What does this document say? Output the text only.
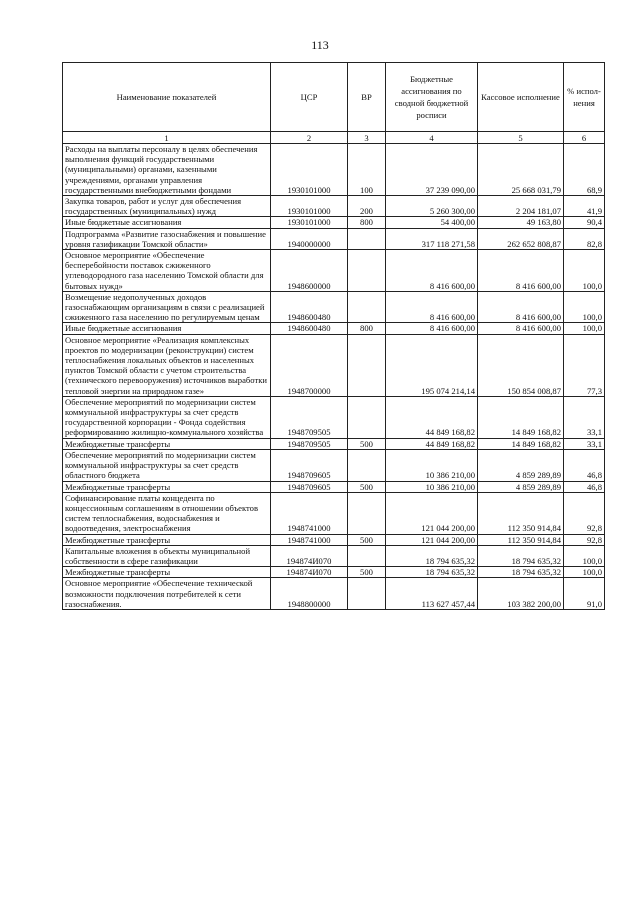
113
Наименование показателей	ЦСР	ВР	Бюджетные ассигнования по сводной бюджетной росписи	Кассовое исполнение	% испол-нения
1	2	3	4	5	6
Расходы на выплаты персоналу в целях обеспечения выполнения функций государственными (муниципальными) органами, казенными учреждениями, органами управления государственными внебюджетными фондами	1930101000	100	37 239 090,00	25 668 031,79	68,9
Закупка товаров, работ и услуг для обеспечения государственных (муниципальных) нужд	1930101000	200	5 260 300,00	2 204 181,07	41,9
Иные бюджетные ассигнования	1930101000	800	54 400,00	49 163,80	90,4
Подпрограмма «Развитие газоснабжения и повышение уровня газификации Томской области»	1940000000		317 118 271,58	262 652 808,87	82,8
Основное мероприятие «Обеспечение бесперебойности поставок сжиженного углеводородного газа населению Томской области для бытовых нужд»	1948600000		8 416 600,00	8 416 600,00	100,0
Возмещение недополученных доходов газоснабжающим организациям в связи с реализацией сжиженного газа населению по регулируемым ценам	1948600480		8 416 600,00	8 416 600,00	100,0
Иные бюджетные ассигнования	1948600480	800	8 416 600,00	8 416 600,00	100,0
Основное мероприятие «Реализация комплексных проектов по модернизации (реконструкции) систем теплоснабжения локальных объектов и населенных пунктов Томской области с учетом строительства (технического перевооружения) источников выработки тепловой энергии на природном газе»	1948700000		195 074 214,14	150 854 008,87	77,3
Обеспечение мероприятий по модернизации систем коммунальной инфраструктуры за счет средств государственной корпорации - Фонда содействия реформированию жилищно-коммунального хозяйства	1948709505		44 849 168,82	14 849 168,82	33,1
Межбюджетные трансферты	1948709505	500	44 849 168,82	14 849 168,82	33,1
Обеспечение мероприятий по модернизации систем коммунальной инфраструктуры за счет средств областного бюджета	1948709605		10 386 210,00	4 859 289,89	46,8
Межбюджетные трансферты	1948709605	500	10 386 210,00	4 859 289,89	46,8
Софинансирование платы концедента по концессионным соглашениям в отношении объектов систем теплоснабжения, водоснабжения и водоотведения, электроснабжения	1948741000		121 044 200,00	112 350 914,84	92,8
Межбюджетные трансферты	1948741000	500	121 044 200,00	112 350 914,84	92,8
Капитальные вложения в объекты муниципальной собственности в сфере газификации	194874И070		18 794 635,32	18 794 635,32	100,0
Межбюджетные трансферты	194874И070	500	18 794 635,32	18 794 635,32	100,0
Основное мероприятие «Обеспечение технической возможности подключения потребителей к сети газоснабжения.	1948800000		113 627 457,44	103 382 200,00	91,0
